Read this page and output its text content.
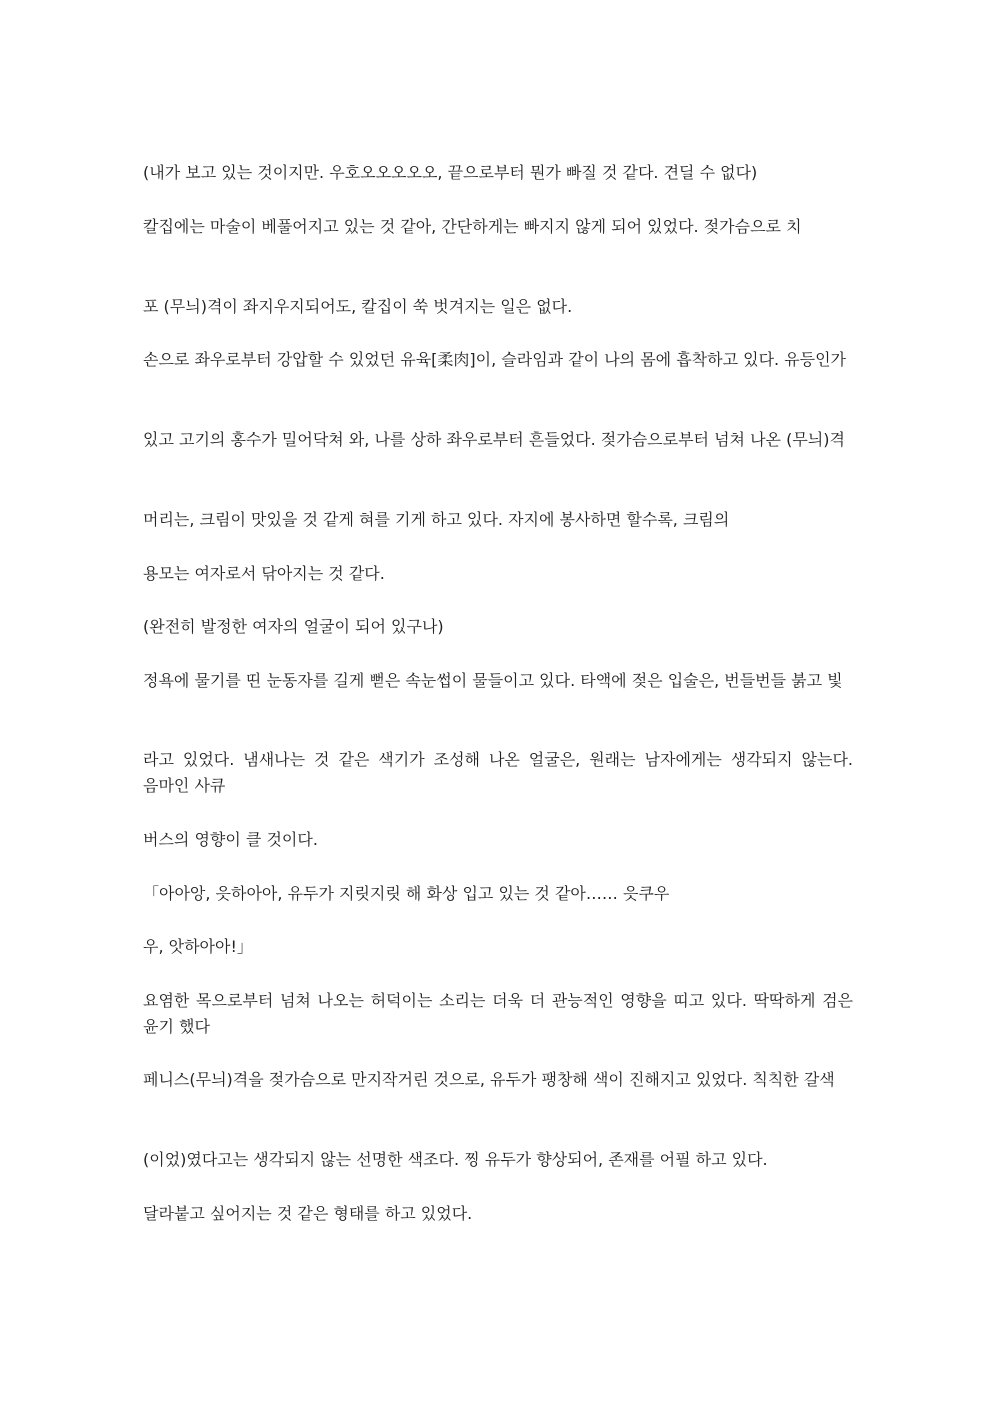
(내가 보고 있는 것이지만. 우호오오오오오, 끝으로부터 뭔가 빠질 것 같다. 견딜 수 없다)

칼집에는 마술이 베풀어지고 있는 것 같아, 간단하게는 빠지지 않게 되어 있었다. 젖가슴으로 치

포 (무늬)격이 좌지우지되어도, 칼집이 쑥 벗겨지는 일은 없다.

손으로 좌우로부터 강압할 수 있었던 유육[柔肉]이, 슬라임과 같이 나의 몸에 흡착하고 있다. 유등인가

있고 고기의 홍수가 밀어닥쳐 와, 나를 상하 좌우로부터 흔들었다. 젖가슴으로부터 넘쳐 나온 (무늬)격

머리는, 크림이 맛있을 것 같게 혀를 기게 하고 있다. 자지에 봉사하면 할수록, 크림의

용모는 여자로서 닦아지는 것 같다.

(완전히 발정한 여자의 얼굴이 되어 있구나)

정욕에 물기를 띤 눈동자를 길게 뻗은 속눈썹이 물들이고 있다. 타액에 젖은 입술은, 번들번들 붉고 빛

라고 있었다. 냄새나는 것 같은 색기가 조성해 나온 얼굴은, 원래는 남자에게는 생각되지 않는다. 음마인 사큐

버스의 영향이 클 것이다.

「아아앙, 읏하아아, 유두가 지릿지릿 해 화상 입고 있는 것 같아…… 읏쿠우

우, 앗하아아!」

요염한 목으로부터 넘쳐 나오는 허덕이는 소리는 더욱 더 관능적인 영향을 띠고 있다. 딱딱하게 검은 윤기 했다

페니스(무늬)격을 젖가슴으로 만지작거린 것으로, 유두가 팽창해 색이 진해지고 있었다. 칙칙한 갈색

(이었)였다고는 생각되지 않는 선명한 색조다. 찡 유두가 향상되어, 존재를 어필 하고 있다.

달라붙고 싶어지는 것 같은 형태를 하고 있었다.
